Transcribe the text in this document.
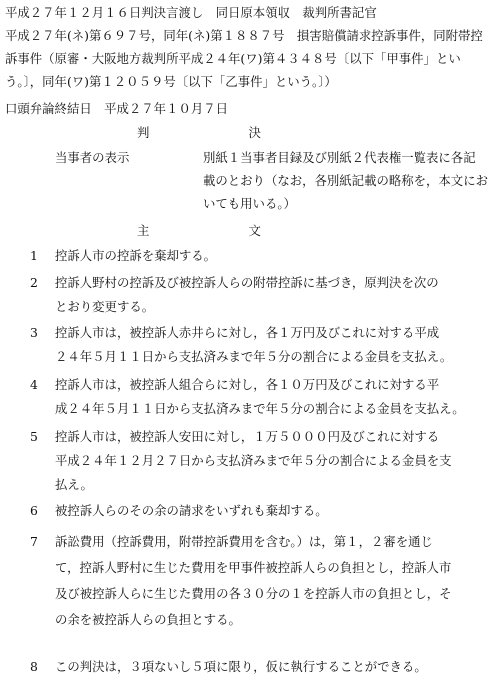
平成２７年１２月１６日判決言渡し　同日原本領収　裁判所書記官
平成２７年(ネ)第６９７号，同年(ネ)第１８８７号　損害賠償請求控訴事件，同附帯控
訴事件（原審・大阪地方裁判所平成２４年(ワ)第４３４８号〔以下「甲事件」とい
う。〕，同年(ワ)第１２０５９号〔以下「乙事件」という。〕）
口頭弁論終結日　平成２７年１０月７日
判　　　　　　　　決
当事者の表示	別紙１当事者目録及び別紙２代表権一覧表に各記
載のとおり（なお，各別紙記載の略称を，本文にお
いても用いる。）
主　　　　　　　　文
1 控訴人市の控訴を棄却する。
2 控訴人野村の控訴及び被控訴人らの附帯控訴に基づき，原判決を次の
とおり変更する。
3 控訴人市は，被控訴人赤井らに対し，各１万円及びこれに対する平成
２４年５月１１日から支払済みまで年５分の割合による金員を支払え。
4 控訴人市は，被控訴人組合らに対し，各１０万円及びこれに対する平
成２４年５月１１日から支払済みまで年５分の割合による金員を支払え。
5 控訴人市は，被控訴人安田に対し，１万５０００円及びこれに対する
平成２４年１２月２７日から支払済みまで年５分の割合による金員を支
払え。
6 被控訴人らのその余の請求をいずれも棄却する。
7 訴訟費用（控訴費用，附帯控訴費用を含む。）は，第１，２審を通じ
て，控訴人野村に生じた費用を甲事件被控訴人らの負担とし，控訴人市
及び被控訴人らに生じた費用の各３０分の１を控訴人市の負担とし，そ
の余を被控訴人らの負担とする。
8 この判決は，３項ないし５項に限り，仮に執行することができる。
